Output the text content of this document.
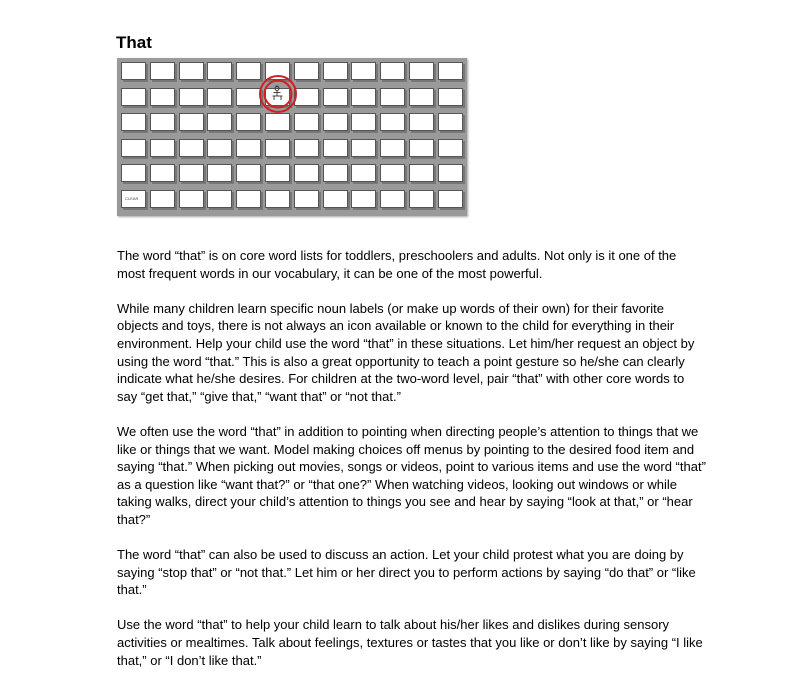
That
CLEAR

The word “that” is on core word lists for toddlers, preschoolers and adults. Not only is it one of the most frequent words in our vocabulary, it can be one of the most powerful.

While many children learn specific noun labels (or make up words of their own) for their favorite objects and toys, there is not always an icon available or known to the child for everything in their environment. Help your child use the word “that” in these situations. Let him/her request an object by using the word “that.” This is also a great opportunity to teach a point gesture so he/she can clearly indicate what he/she desires. For children at the two-word level, pair “that” with other core words to say “get that,” “give that,” “want that” or “not that.”

We often use the word “that” in addition to pointing when directing people’s attention to things that we like or things that we want. Model making choices off menus by pointing to the desired food item and saying “that.” When picking out movies, songs or videos, point to various items and use the word “that” as a question like “want that?” or “that one?” When watching videos, looking out windows or while taking walks, direct your child’s attention to things you see and hear by saying “look at that,” or “hear that?”

The word “that” can also be used to discuss an action. Let your child protest what you are doing by saying “stop that” or “not that.” Let him or her direct you to perform actions by saying “do that” or “like that.”

Use the word “that” to help your child learn to talk about his/her likes and dislikes during sensory activities or mealtimes. Talk about feelings, textures or tastes that you like or don’t like by saying “I like that,” or “I don’t like that.”
